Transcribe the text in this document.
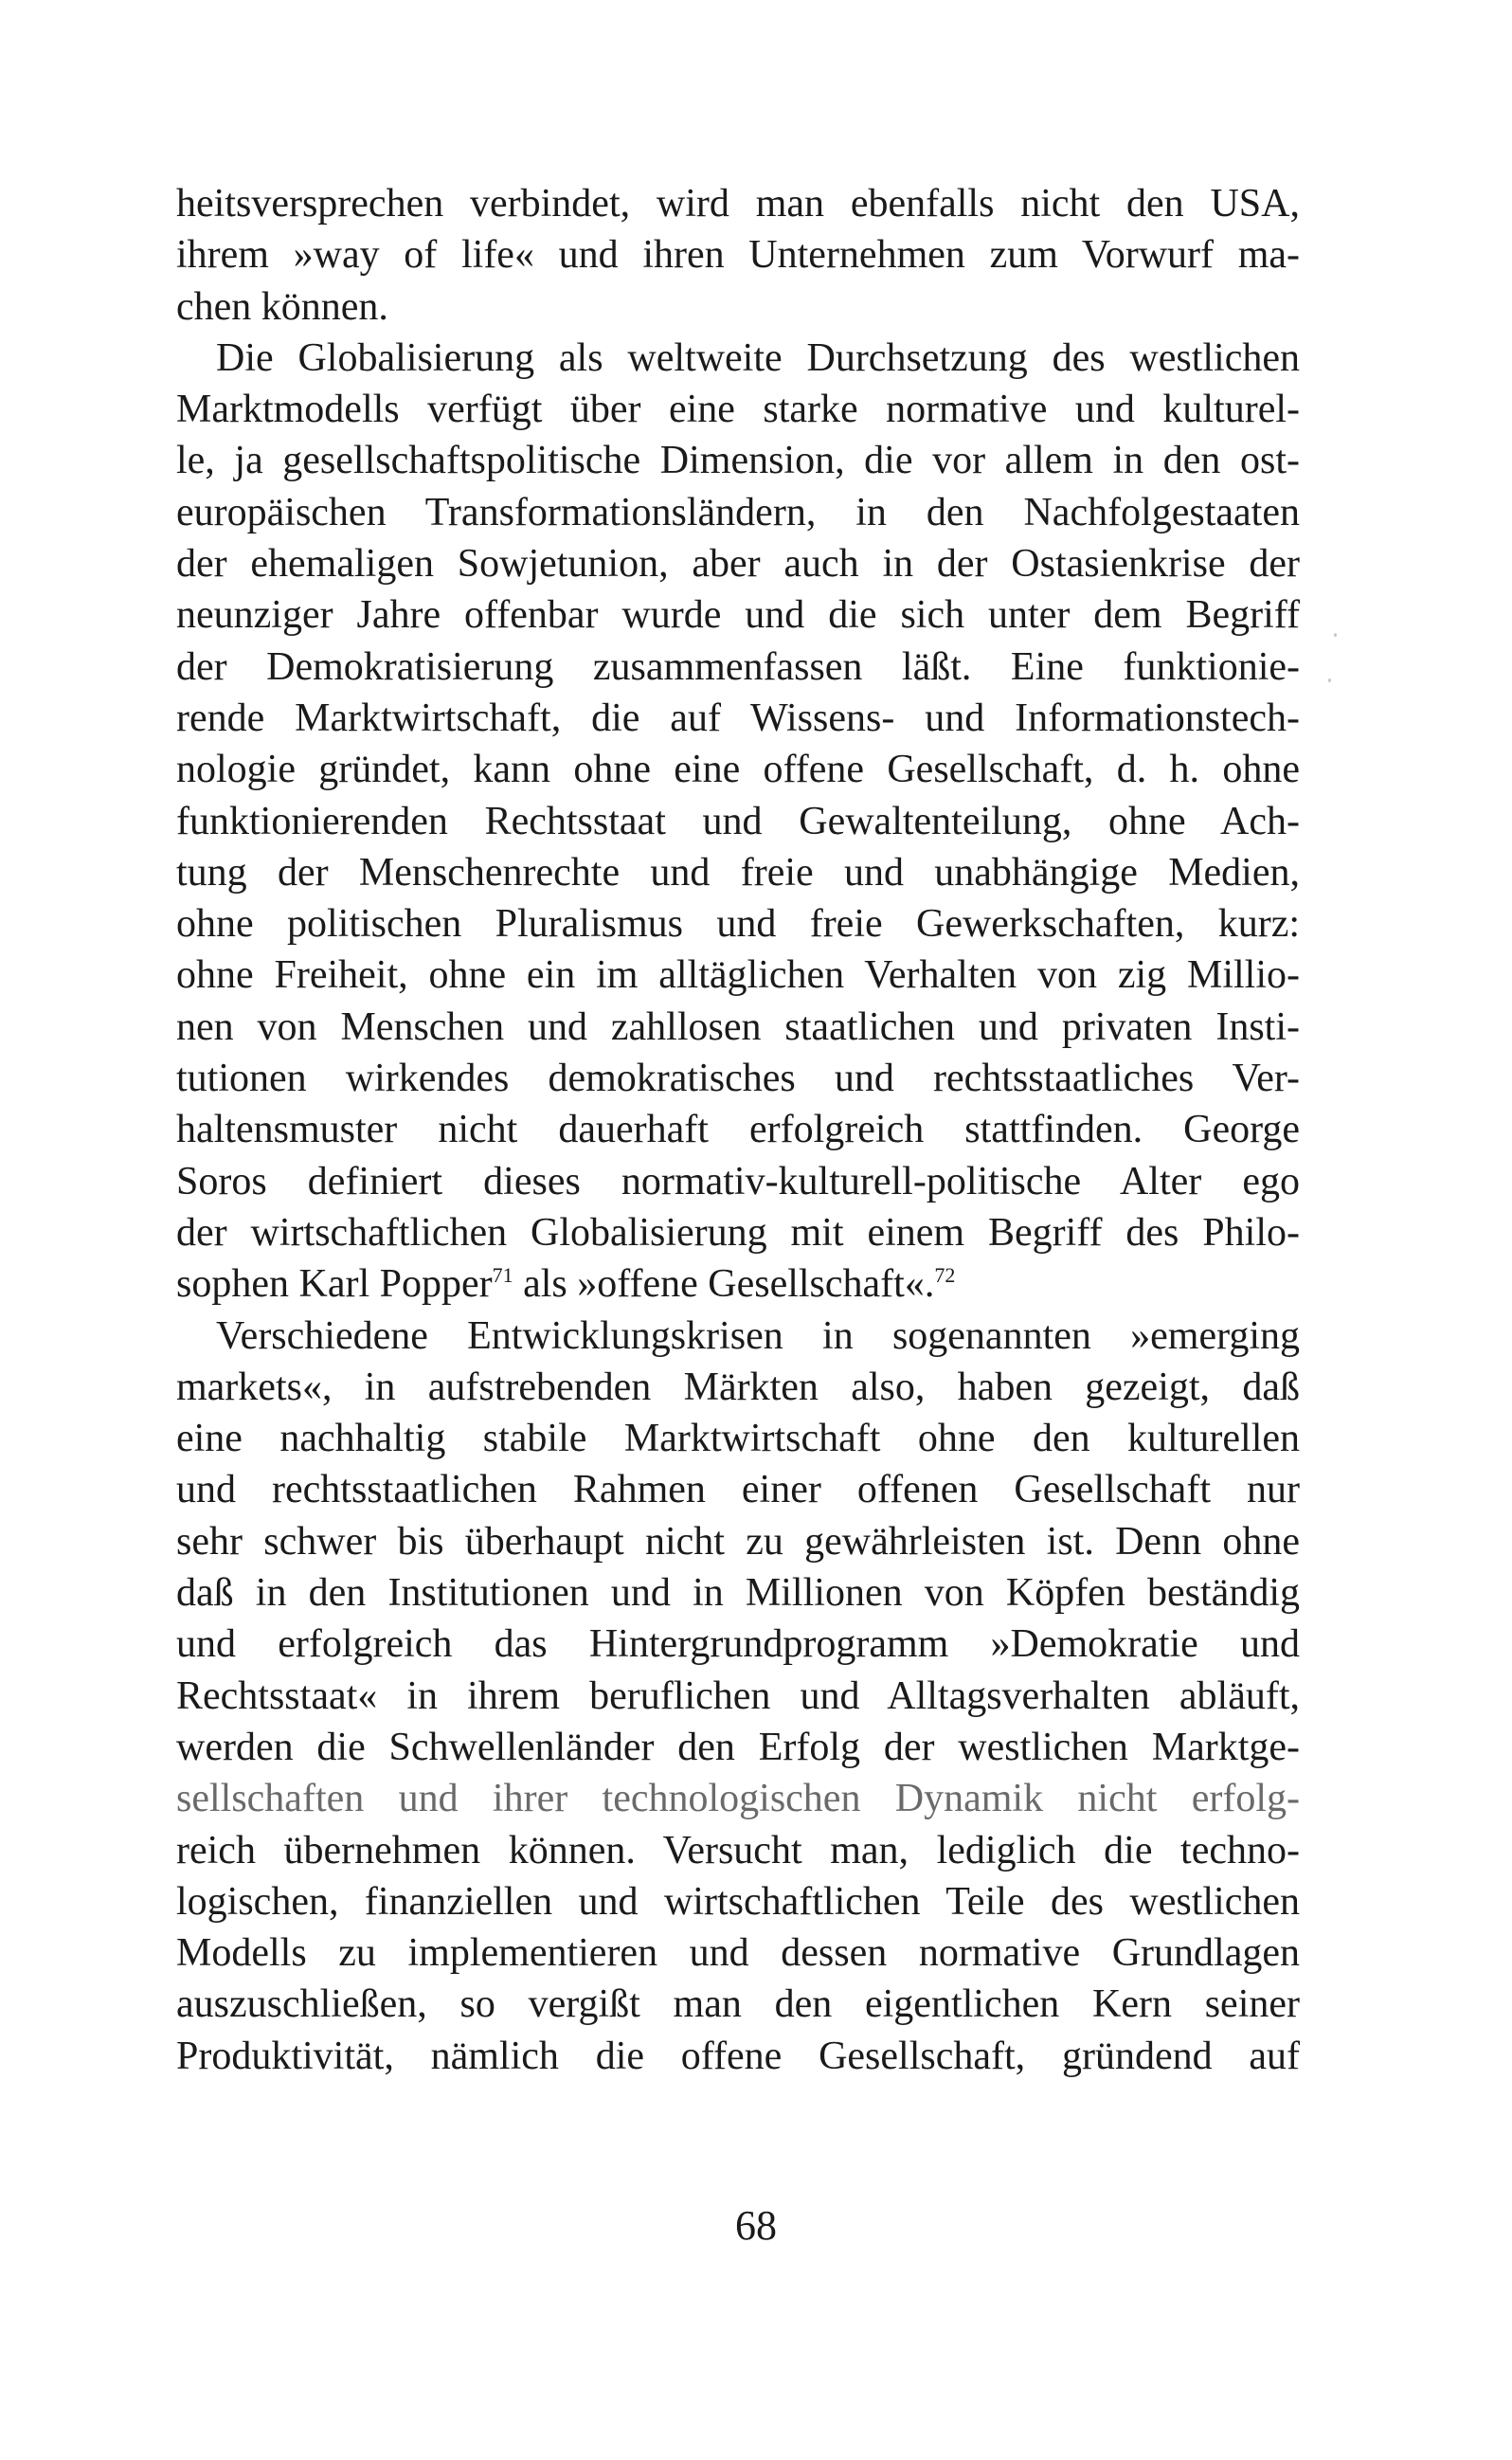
heitsversprechen verbindet, wird man ebenfalls nicht den USA,
ihrem »way of life« und ihren Unternehmen zum Vorwurf ma-
chen können.
Die Globalisierung als weltweite Durchsetzung des westlichen
Marktmodells verfügt über eine starke normative und kulturel-
le, ja gesellschaftspolitische Dimension, die vor allem in den ost-
europäischen Transformationsländern, in den Nachfolgestaaten
der ehemaligen Sowjetunion, aber auch in der Ostasienkrise der
neunziger Jahre offenbar wurde und die sich unter dem Begriff
der Demokratisierung zusammenfassen läßt. Eine funktionie-
rende Marktwirtschaft, die auf Wissens- und Informationstech-
nologie gründet, kann ohne eine offene Gesellschaft, d. h. ohne
funktionierenden Rechtsstaat und Gewaltenteilung, ohne Ach-
tung der Menschenrechte und freie und unabhängige Medien,
ohne politischen Pluralismus und freie Gewerkschaften, kurz:
ohne Freiheit, ohne ein im alltäglichen Verhalten von zig Millio-
nen von Menschen und zahllosen staatlichen und privaten Insti-
tutionen wirkendes demokratisches und rechtsstaatliches Ver-
haltensmuster nicht dauerhaft erfolgreich stattfinden. George
Soros definiert dieses normativ-kulturell-politische Alter ego
der wirtschaftlichen Globalisierung mit einem Begriff des Philo-
sophen Karl Popper$^{71}$ als »offene Gesellschaft«.$^{72}$
Verschiedene Entwicklungskrisen in sogenannten »emerging
markets«, in aufstrebenden Märkten also, haben gezeigt, daß
eine nachhaltig stabile Marktwirtschaft ohne den kulturellen
und rechtsstaatlichen Rahmen einer offenen Gesellschaft nur
sehr schwer bis überhaupt nicht zu gewährleisten ist. Denn ohne
daß in den Institutionen und in Millionen von Köpfen beständig
und erfolgreich das Hintergrundprogramm »Demokratie und
Rechtsstaat« in ihrem beruflichen und Alltagsverhalten abläuft,
werden die Schwellenländer den Erfolg der westlichen Marktge-
sellschaften und ihrer technologischen Dynamik nicht erfolg-
reich übernehmen können. Versucht man, lediglich die techno-
logischen, finanziellen und wirtschaftlichen Teile des westlichen
Modells zu implementieren und dessen normative Grundlagen
auszuschließen, so vergißt man den eigentlichen Kern seiner
Produktivität, nämlich die offene Gesellschaft, gründend auf
68
